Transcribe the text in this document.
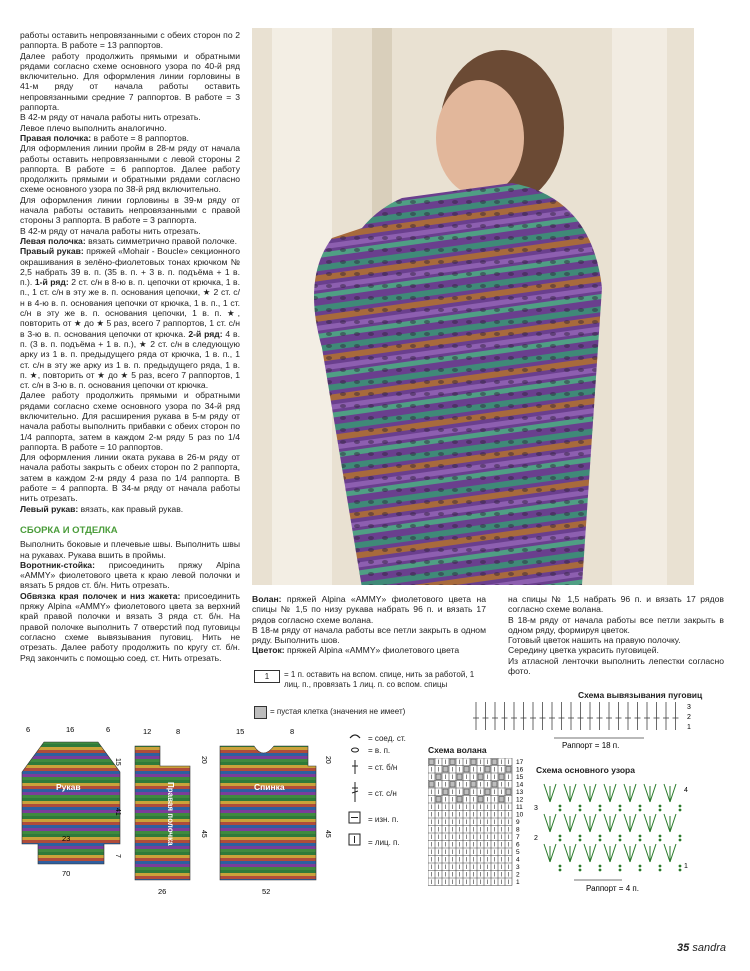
работы оставить непровязанными с обеих сторон по 2 раппорта. В работе = 13 раппортов.

Далее работу продолжить прямыми и обратными рядами согласно схеме основного узора по 40-й ряд включительно. Для оформления линии горловины в 41-м ряду от начала работы оставить непровязанными средние 7 раппортов. В работе = 3 раппорта.

В 42-м ряду от начала работы нить отрезать.

Левое плечо выполнить аналогично.

Правая полочка: в работе = 8 раппортов.

Для оформления линии пройм в 28-м ряду от начала работы оставить непровязанными с левой стороны 2 раппорта. В работе = 6 раппортов. Далее работу продолжить прямыми и обратными рядами согласно схеме основного узора по 38-й ряд включительно.

Для оформления линии горловины в 39-м ряду от начала работы оставить непровязанными с правой стороны 3 раппорта. В работе = 3 раппорта.

В 42-м ряду от начала работы нить отрезать.

Левая полочка: вязать симметрично правой полочке.

Правый рукав: пряжей «Mohair - Boucle» секционного окрашивания в зелёно-фиолетовых тонах крючком № 2,5 набрать 39 в. п. (35 в. п. + 3 в. п. подъёма + 1 в. п.). 1-й ряд: 2 ст. с/н в 8-ю в. п. цепочки от крючка, 1 в. п., 1 ст. с/н в эту же в. п. основания цепочки, ★ 2 ст. с/н в 4-ю в. п. основания цепочки от крючка, 1 в. п., 1 ст. с/н в эту же в. п. основания цепочки, 1 в. п. ★, повторить от ★ до ★ 5 раз, всего 7 раппортов, 1 ст. с/н в 3-ю в. п. основания цепочки от крючка. 2-й ряд: 4 в. п. (3 в. п. подъёма + 1 в. п.), ★ 2 ст. с/н в следующую арку из 1 в. п. предыдущего ряда от крючка, 1 в. п., 1 ст. с/н в эту же арку из 1 в. п. предыдущего ряда, 1 в. п. ★, повторить от ★ до ★ 5 раз, всего 7 раппортов, 1 ст. с/н в 3-ю в. п. основания цепочки от крючка.

Далее работу продолжить прямыми и обратными рядами согласно схеме основного узора по 34-й ряд включительно. Для расширения рукава в 5-м ряду от начала работы выполнить прибавки с обеих сторон по 1/4 раппорта, затем в каждом 2-м ряду 5 раз по 1/4 раппорта. В работе = 10 раппортов.

Для оформления линии оката рукава в 26-м ряду от начала работы закрыть с обеих сторон по 2 раппорта, затем в каждом 2-м ряду 4 раза по 1/4 раппорта. В работе = 4 раппорта. В 34-м ряду от начала работы нить отрезать.

Левый рукав: вязать, как правый рукав.

СБОРКА И ОТДЕЛКА

Выполнить боковые и плечевые швы. Выполнить швы на рукавах. Рукава вшить в проймы.

Воротник-стойка: присоединить пряжу Alpina «AMMY» фиолетового цвета к краю левой полочки и вязать 5 рядов ст. б/н. Нить отрезать.

Обвязка края полочек и низ жакета: присоединить пряжу Alpina «AMMY» фиолетового цвета за верхний край правой полочки и вязать 3 ряда ст. б/н. На правой полочке выполнить 7 отверстий под пуговицы согласно схеме вывязывания пуговиц. Нить не отрезать. Далее работу продолжить по кругу ст. б/н. Ряд закончить с помощью соед. ст. Нить отрезать.

Волан: пряжей Alpina «AMMY» фиолетового цвета на спицы № 1,5 по низу рукава набрать 96 п. и вязать 17 рядов согласно схеме волана.

В 18-м ряду от начала работы все петли закрыть в одном ряду. Выполнить шов.

Цветок: пряжей Alpina «AMMY» фиолетового цвета

на спицы № 1,5 набрать 96 п. и вязать 17 рядов согласно схеме волана.

В 18-м ряду от начала работы все петли закрыть в одном ряду, формируя цветок.

Готовый цветок нашить на правую полочку.

Середину цветка украсить пуговицей.

Из атласной ленточки выполнить лепестки согласно фото.

1	= 1 п. оставить на вспом. спице, нить за работой, 1 лиц. п., провязать 1 лиц. п. со вспом. спицы
= пустая клетка (значения не имеет)
= соед. ст.
= в. п.
= ст. б/н
= ст. с/н
= изн. п.
= лиц. п.
Рукав
6	16	6
15
41
7
23
70
Правая полочка
12	8
20
45
26
Спинка
15	8
20
45
52
Схема вывязывания пуговиц
3
2
1
Раппорт = 18 п.
Схема волана
17
16
15
14
13
12
11
10
9
8
7
6
5
4
3
2
1
Схема основного узора
4
3
2
1
Раппорт = 4 п.
35 sandra
